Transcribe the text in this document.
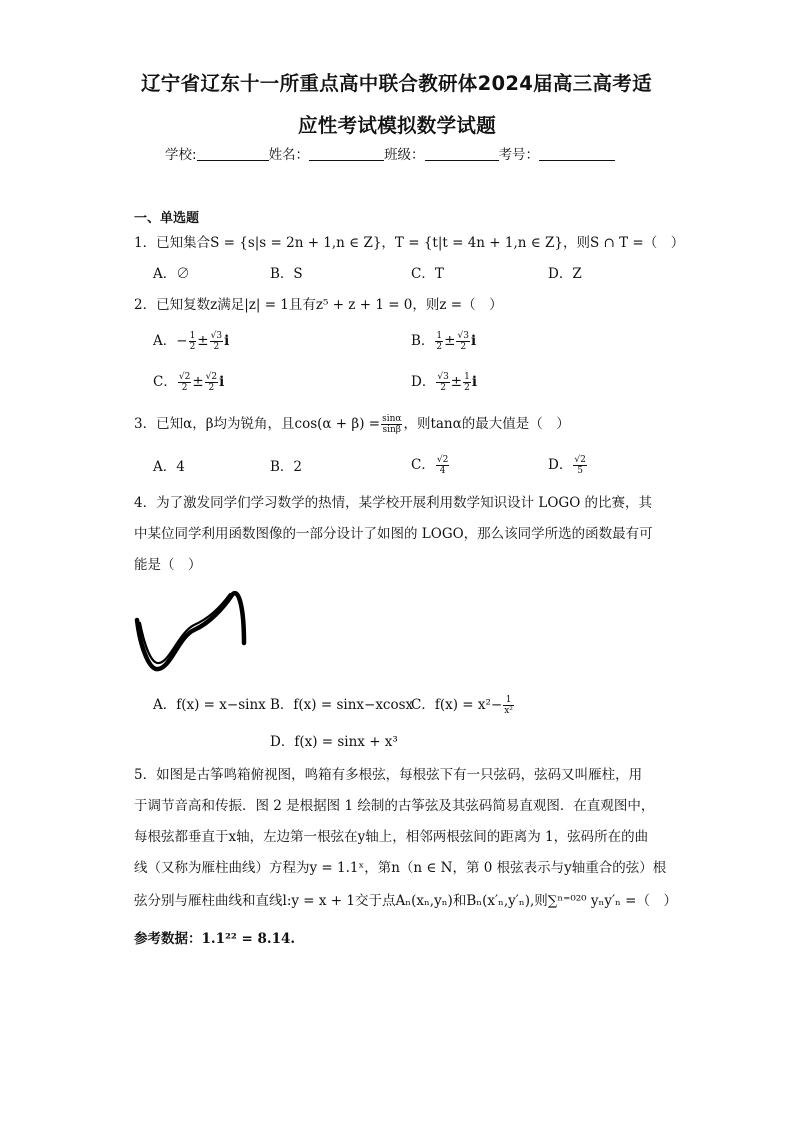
辽宁省辽东十一所重点高中联合教研体2024届高三高考适
应性考试模拟数学试题
学校:	姓名：	班级：	考号：
一、单选题
1．已知集合S = {s|s = 2n + 1,n ∈ Z}，T = {t|t = 4n + 1,n ∈ Z}，则S ∩ T =（　）
A．∅	B．S	C．T	D．Z
2．已知复数z满足|z| = 1且有z⁵ + z + 1 = 0，则z =（　）
A．− $\frac{1}{2} \pm \frac{√3}{2}$ i	B． $\frac{1}{2} \pm \frac{√3}{2}$ i
C． $\frac{√2}{2} \pm \frac{√2}{2}$ i	D． $\frac{√3}{2} \pm \frac{1}{2}$ i
3．已知α，β均为锐角，且$\cos(\alpha + \beta) = \frac{\sin\alpha}{\sin\beta}$ ，则tanα的最大值是（　）
A．4	B．2	C． $\frac{√2}{4}$	D． $\frac{√2}{5}$
4．为了激发同学们学习数学的热情，某学校开展利用数学知识设计 LOGO 的比赛，其
中某位同学利用函数图像的一部分设计了如图的 LOGO，那么该同学所选的函数最有可
能是（　）
A．f(x) = x−sinx B．f(x) = sinx−xcosx
C．$f(x) = x^2- \frac{1}{\text{x²}}$
D．f(x) = sinx + x³
5．如图是古筝鸣箱俯视图，鸣箱有多根弦，每根弦下有一只弦码，弦码又叫雁柱，用
于调节音高和传振．图 2 是根据图 1 绘制的古筝弦及其弦码简易直观图．在直观图中，
每根弦都垂直于x轴，左边第一根弦在y轴上，相邻两根弦间的距离为 1，弦码所在的曲
线（又称为雁柱曲线）方程为y = 1.1ˣ，第n（n ∈ N，第 0 根弦表示与y轴重合的弦）根
弦分别与雁柱曲线和直线l:y = x + 1交于点Aₙ(xₙ,yₙ)和Bₙ(x′ₙ,y′ₙ),则∑ⁿ⁼⁰²⁰ yₙy′ₙ =（　）
参考数据：1.1²² = 8.14.
